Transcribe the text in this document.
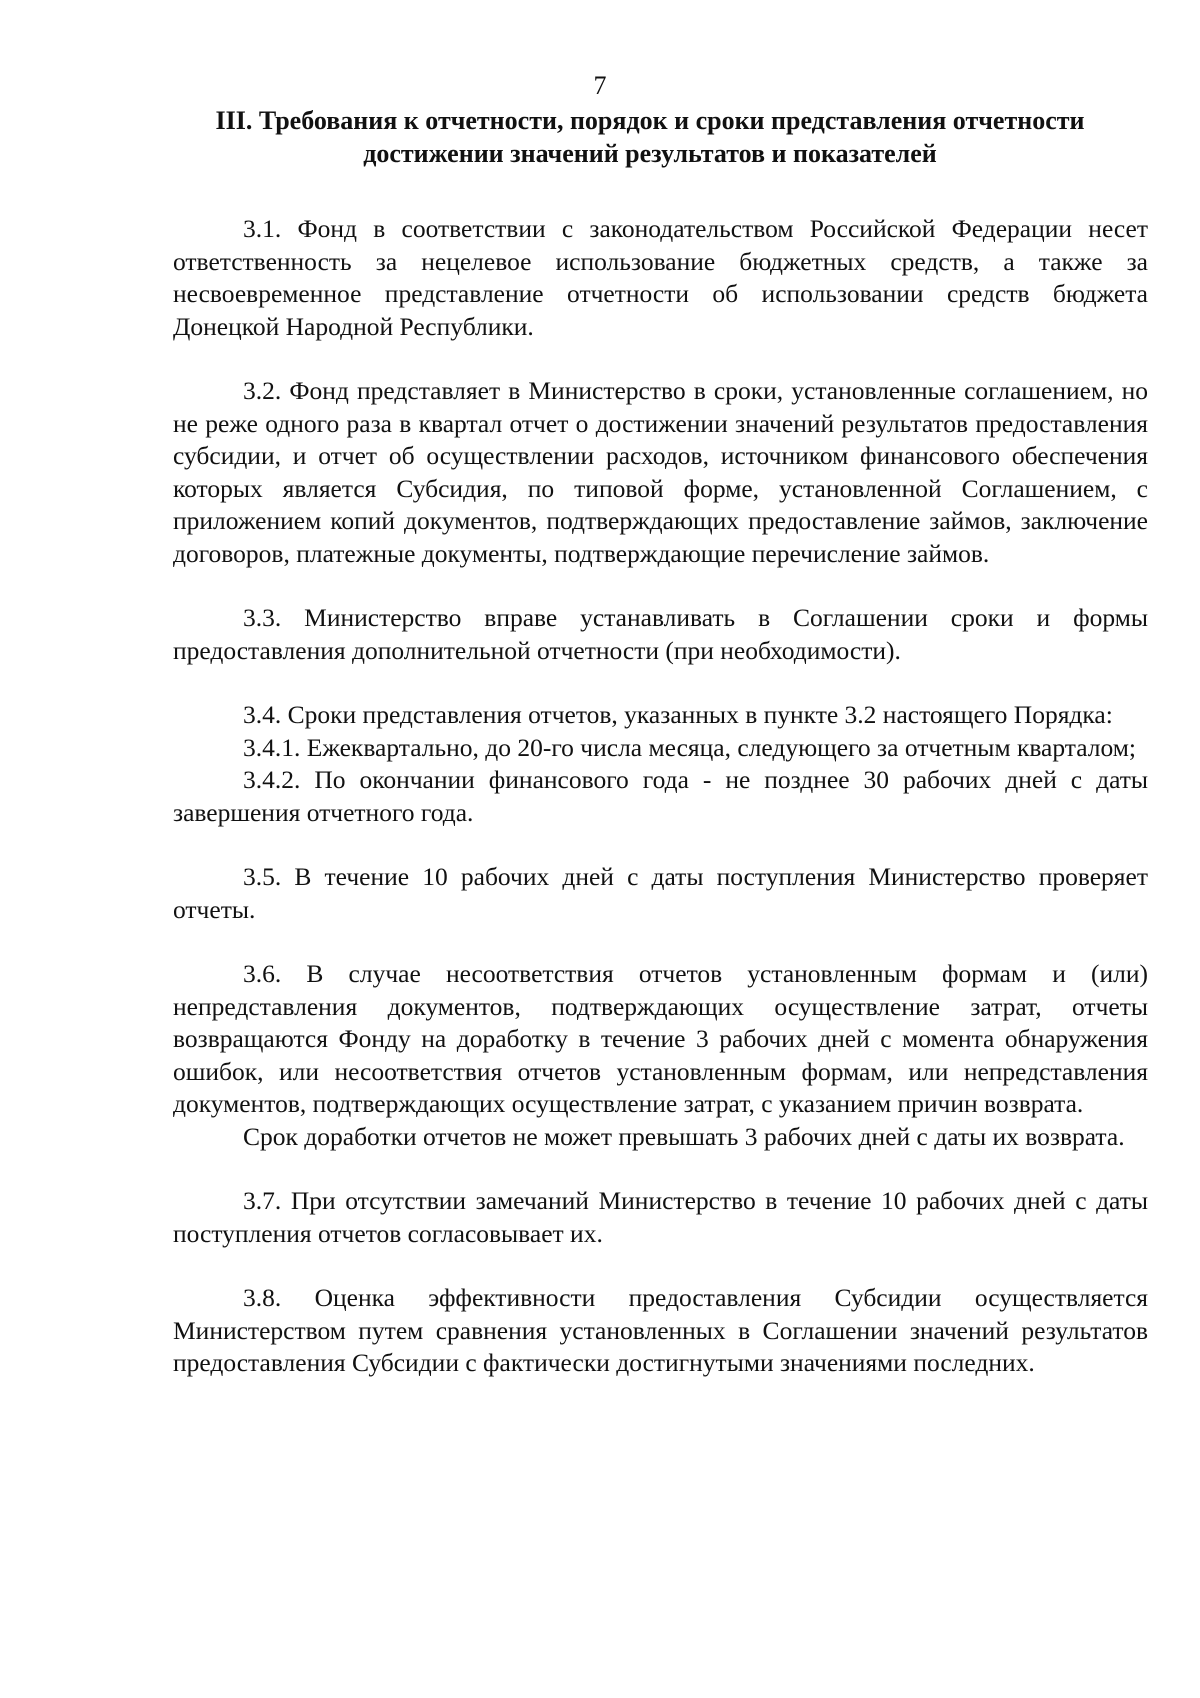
7
III. Требования к отчетности, порядок и сроки представления отчетности
достижении значений результатов и показателей

3.1. Фонд в соответствии с законодательством Российской Федерации несет ответственность за нецелевое использование бюджетных средств, а также за несвоевременное представление отчетности об использовании средств бюджета Донецкой Народной Республики.

3.2. Фонд представляет в Министерство в сроки, установленные соглашением, но не реже одного раза в квартал отчет о достижении значений результатов предоставления субсидии, и отчет об осуществлении расходов, источником финансового обеспечения которых является Субсидия, по типовой форме, установленной Соглашением, с приложением копий документов, подтверждающих предоставление займов, заключение договоров, платежные документы, подтверждающие перечисление займов.

3.3. Министерство вправе устанавливать в Соглашении сроки и формы предоставления дополнительной отчетности (при необходимости).

3.4. Сроки представления отчетов, указанных в пункте 3.2 настоящего Порядка:

3.4.1. Ежеквартально, до 20-го числа месяца, следующего за отчетным кварталом;

3.4.2. По окончании финансового года - не позднее 30 рабочих дней с даты завершения отчетного года.

3.5. В течение 10 рабочих дней с даты поступления Министерство проверяет отчеты.

3.6. В случае несоответствия отчетов установленным формам и (или) непредставления документов, подтверждающих осуществление затрат, отчеты возвращаются Фонду на доработку в течение 3 рабочих дней с момента обнаружения ошибок, или несоответствия отчетов установленным формам, или непредставления документов, подтверждающих осуществление затрат, с указанием причин возврата.

Срок доработки отчетов не может превышать 3 рабочих дней с даты их возврата.

3.7. При отсутствии замечаний Министерство в течение 10 рабочих дней с даты поступления отчетов согласовывает их.

3.8. Оценка эффективности предоставления Субсидии осуществляется Министерством путем сравнения установленных в Соглашении значений результатов предоставления Субсидии с фактически достигнутыми значениями последних.
